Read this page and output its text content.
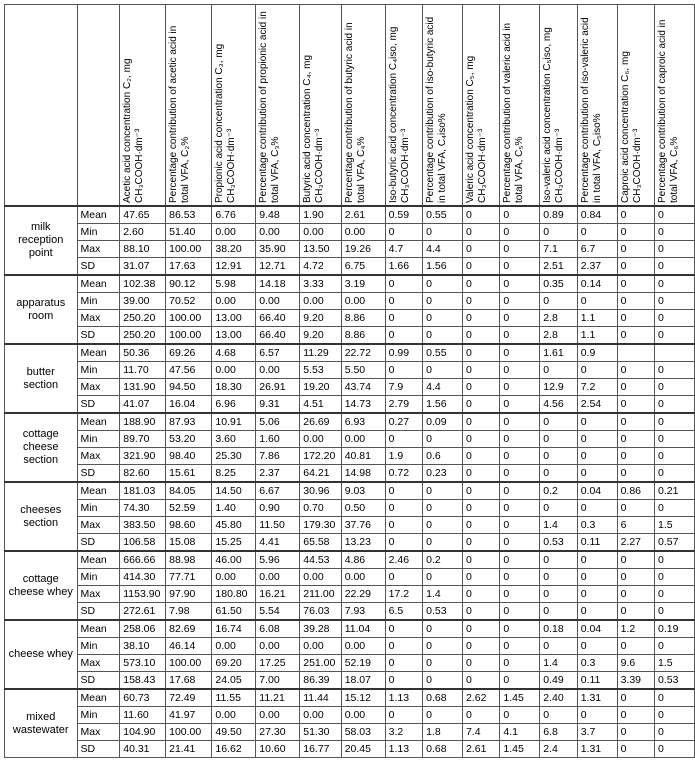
		Acetic acid concentration C₂, mg CH₃COOH·dm⁻³	Percentage contribution of acetic acid in total VFA, C₂%	Propionic acid concentration C₃, mg CH₃COOH·dm⁻³	Percentage contribution of propionic acid in total VFA, C₃%	Butyric acid concentration C₄, mg CH₃COOH·dm⁻³	Percentage contribution of butyric acid in total VFA, C₄%	Iso-butyric acid concentration C₄iso, mg CH₃COOH·dm⁻³	Percentage contribution of iso-butyric acid in total VFA, C₄iso%	Valeric acid concentration C₅, mg CH₃COOH·dm⁻³	Percentage contribution of valeric acid in total VFA, C₅%	Iso-valeric acid concentration C₅iso, mg CH₃COOH·dm⁻³	Percentage contribution of iso-valeric acid in total VFA, C₅iso%	Caproic acid concentration C₆, mg CH₃COOH·dm⁻³	Percentage contribution of caproic acid in total VFA, C₆%

milk reception point	Mean	47.65	86.53	6.76	9.48	1.90	2.61	0.59	0.55	0	0	0.89	0.84	0	0
	Min	2.60	51.40	0.00	0.00	0.00	0.00	0	0	0	0	0	0	0	0
	Max	88.10	100.00	38.20	35.90	13.50	19.26	4.7	4.4	0	0	7.1	6.7	0	0
	SD	31.07	17.63	12.91	12.71	4.72	6.75	1.66	1.56	0	0	2.51	2.37	0	0
apparatus room	Mean	102.38	90.12	5.98	14.18	3.33	3.19	0	0	0	0	0.35	0.14	0	0
	Min	39.00	70.52	0.00	0.00	0.00	0.00	0	0	0	0	0	0	0	0
	Max	250.20	100.00	13.00	66.40	9.20	8.86	0	0	0	0	2.8	1.1	0	0
	SD	250.20	100.00	13.00	66.40	9.20	8.86	0	0	0	0	2.8	1.1	0	0
butter section	Mean	50.36	69.26	4.68	6.57	11.29	22.72	0.99	0.55	0	0	1.61	0.9		
	Min	11.70	47.56	0.00	0.00	5.53	5.50	0	0	0	0	0	0	0	0
	Max	131.90	94.50	18.30	26.91	19.20	43.74	7.9	4.4	0	0	12.9	7.2	0	0
	SD	41.07	16.04	6.96	9.31	4.51	14.73	2.79	1.56	0	0	4.56	2.54	0	0
cottage cheese section	Mean	188.90	87.93	10.91	5.06	26.69	6.93	0.27	0.09	0	0	0	0	0	0
	Min	89.70	53.20	3.60	1.60	0.00	0.00	0	0	0	0	0	0	0	0
	Max	321.90	98.40	25.30	7.86	172.20	40.81	1.9	0.6	0	0	0	0	0	0
	SD	82.60	15.61	8.25	2.37	64.21	14.98	0.72	0.23	0	0	0	0	0	0
cheeses section	Mean	181.03	84.05	14.50	6.67	30.96	9.03	0	0	0	0	0.2	0.04	0.86	0.21
	Min	74.30	52.59	1.40	0.90	0.70	0.50	0	0	0	0	0	0	0	0
	Max	383.50	98.60	45.80	11.50	179.30	37.76	0	0	0	0	1.4	0.3	6	1.5
	SD	106.58	15.08	15.25	4.41	65.58	13.23	0	0	0	0	0.53	0.11	2.27	0.57
cottage cheese whey	Mean	666.66	88.98	46.00	5.96	44.53	4.86	2.46	0.2	0	0	0	0	0	0
	Min	414.30	77.71	0.00	0.00	0.00	0.00	0	0	0	0	0	0	0	0
	Max	1153.90	97.90	180.80	16.21	211.00	22.29	17.2	1.4	0	0	0	0	0	0
	SD	272.61	7.98	61.50	5.54	76.03	7.93	6.5	0.53	0	0	0	0	0	0
cheese whey	Mean	258.06	82.69	16.74	6.08	39.28	11.04	0	0	0	0	0.18	0.04	1.2	0.19
	Min	38.10	46.14	0.00	0.00	0.00	0.00	0	0	0	0	0	0	0	0
	Max	573.10	100.00	69.20	17.25	251.00	52.19	0	0	0	0	1.4	0.3	9.6	1.5
	SD	158.43	17.68	24.05	7.00	86.39	18.07	0	0	0	0	0.49	0.11	3.39	0.53
mixed wastewater	Mean	60.73	72.49	11.55	11.21	11.44	15.12	1.13	0.68	2.62	1.45	2.40	1.31	0	0
	Min	11.60	41.97	0.00	0.00	0.00	0.00	0	0	0	0	0	0	0	0
	Max	104.90	100.00	49.50	27.30	51.30	58.03	3.2	1.8	7.4	4.1	6.8	3.7	0	0
	SD	40.31	21.41	16.62	10.60	16.77	20.45	1.13	0.68	2.61	1.45	2.4	1.31	0	0
